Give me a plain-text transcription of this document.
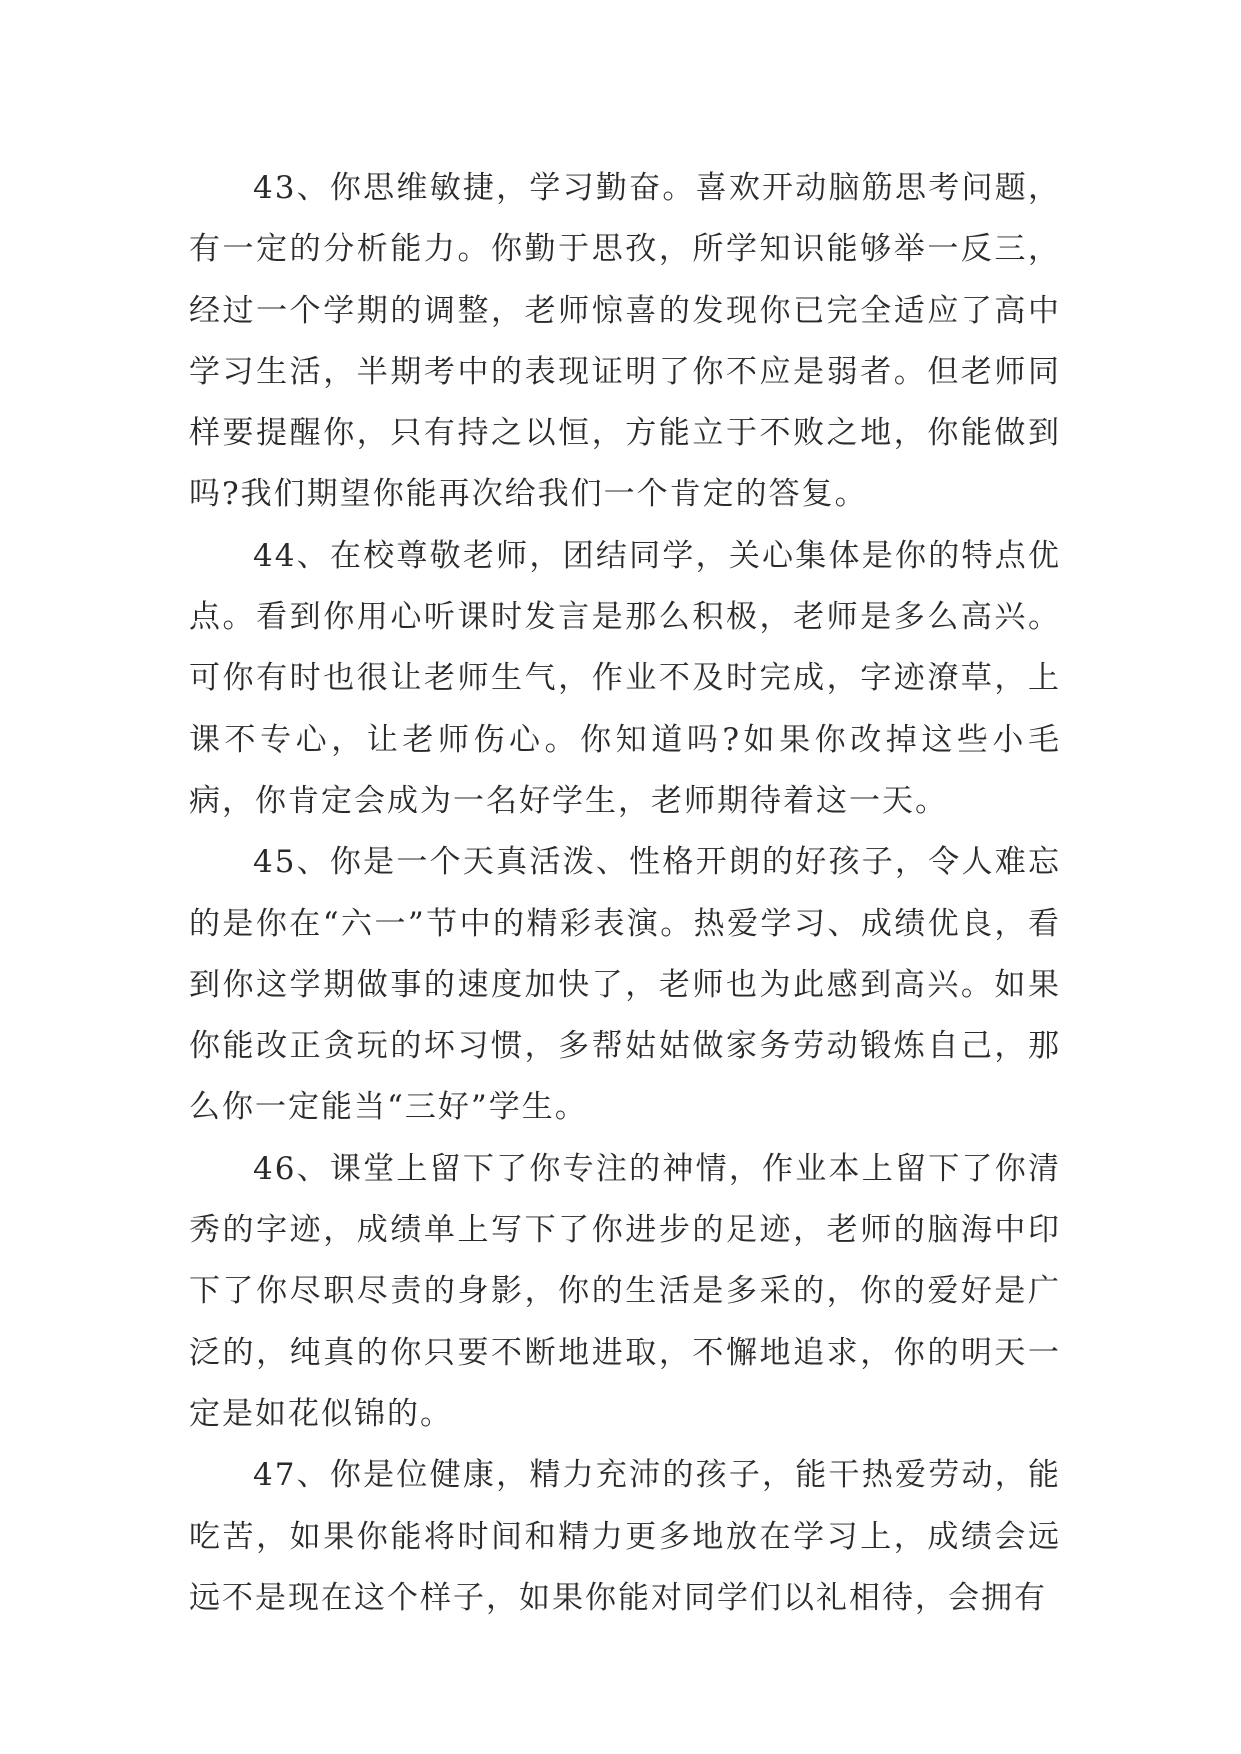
43、你思维敏捷，学习勤奋。喜欢开动脑筋思考问题，有一定的分析能力。你勤于思孜，所学知识能够举一反三，经过一个学期的调整，老师惊喜的发现你已完全适应了高中学习生活，半期考中的表现证明了你不应是弱者。但老师同样要提醒你，只有持之以恒，方能立于不败之地，你能做到吗?我们期望你能再次给我们一个肯定的答复。

44、在校尊敬老师，团结同学，关心集体是你的特点优点。看到你用心听课时发言是那么积极，老师是多么高兴。可你有时也很让老师生气，作业不及时完成，字迹潦草，上课不专心，让老师伤心。你知道吗?如果你改掉这些小毛病，你肯定会成为一名好学生，老师期待着这一天。

45、你是一个天真活泼、性格开朗的好孩子，令人难忘的是你在“六一”节中的精彩表演。热爱学习、成绩优良，看到你这学期做事的速度加快了，老师也为此感到高兴。如果你能改正贪玩的坏习惯，多帮姑姑做家务劳动锻炼自己，那么你一定能当“三好”学生。

46、课堂上留下了你专注的神情，作业本上留下了你清秀的字迹，成绩单上写下了你进步的足迹，老师的脑海中印下了你尽职尽责的身影，你的生活是多采的，你的爱好是广泛的，纯真的你只要不断地进取，不懈地追求，你的明天一定是如花似锦的。

47、你是位健康，精力充沛的孩子，能干热爱劳动，能吃苦，如果你能将时间和精力更多地放在学习上，成绩会远远不是现在这个样子，如果你能对同学们以礼相待，会拥有
